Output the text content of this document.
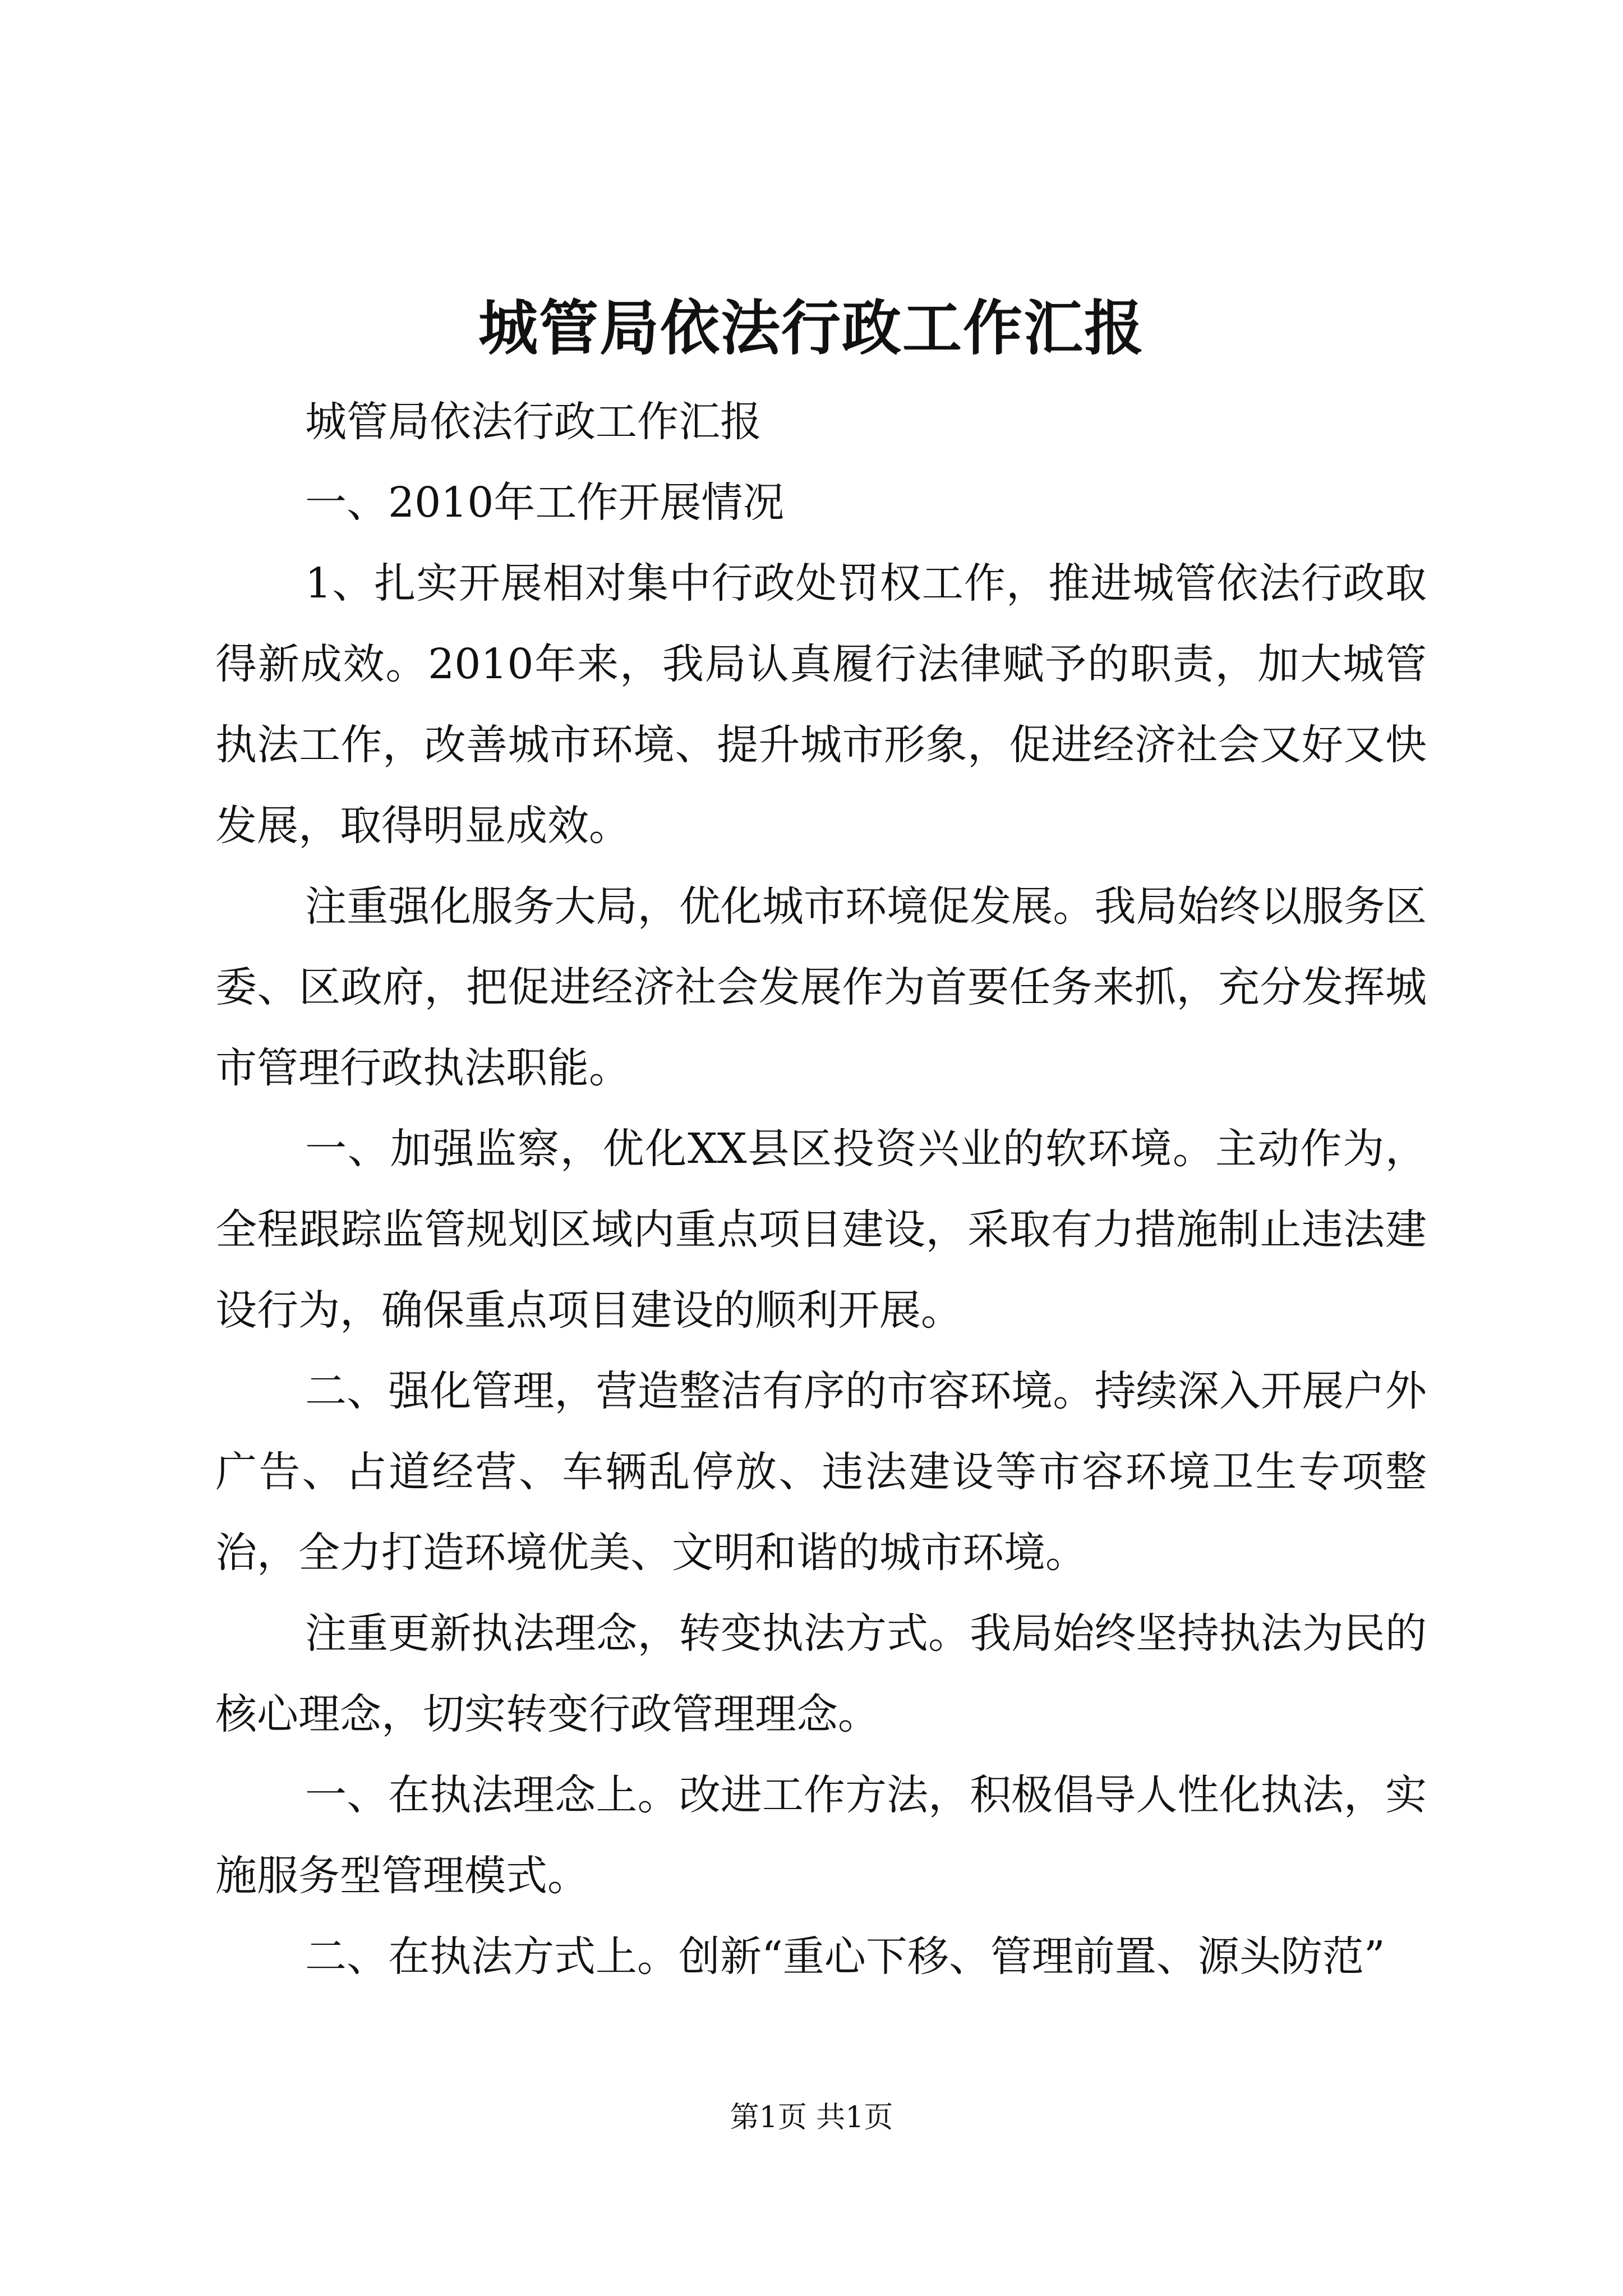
城管局依法行政工作汇报

城管局依法行政工作汇报

一、2010年工作开展情况

1、扎实开展相对集中行政处罚权工作，推进城管依法行政取得新成效。2010年来，我局认真履行法律赋予的职责，加大城管执法工作，改善城市环境、提升城市形象，促进经济社会又好又快发展，取得明显成效。

注重强化服务大局，优化城市环境促发展。我局始终以服务区委、区政府，把促进经济社会发展作为首要任务来抓，充分发挥城市管理行政执法职能。

一、加强监察，优化XX县区投资兴业的软环境。主动作为，全程跟踪监管规划区域内重点项目建设，采取有力措施制止违法建设行为，确保重点项目建设的顺利开展。

二、强化管理，营造整洁有序的市容环境。持续深入开展户外广告、占道经营、车辆乱停放、违法建设等市容环境卫生专项整治，全力打造环境优美、文明和谐的城市环境。

注重更新执法理念，转变执法方式。我局始终坚持执法为民的核心理念，切实转变行政管理理念。

一、在执法理念上。改进工作方法，积极倡导人性化执法，实施服务型管理模式。

二、在执法方式上。创新“重心下移、管理前置、源头防范”

第1页 共1页
